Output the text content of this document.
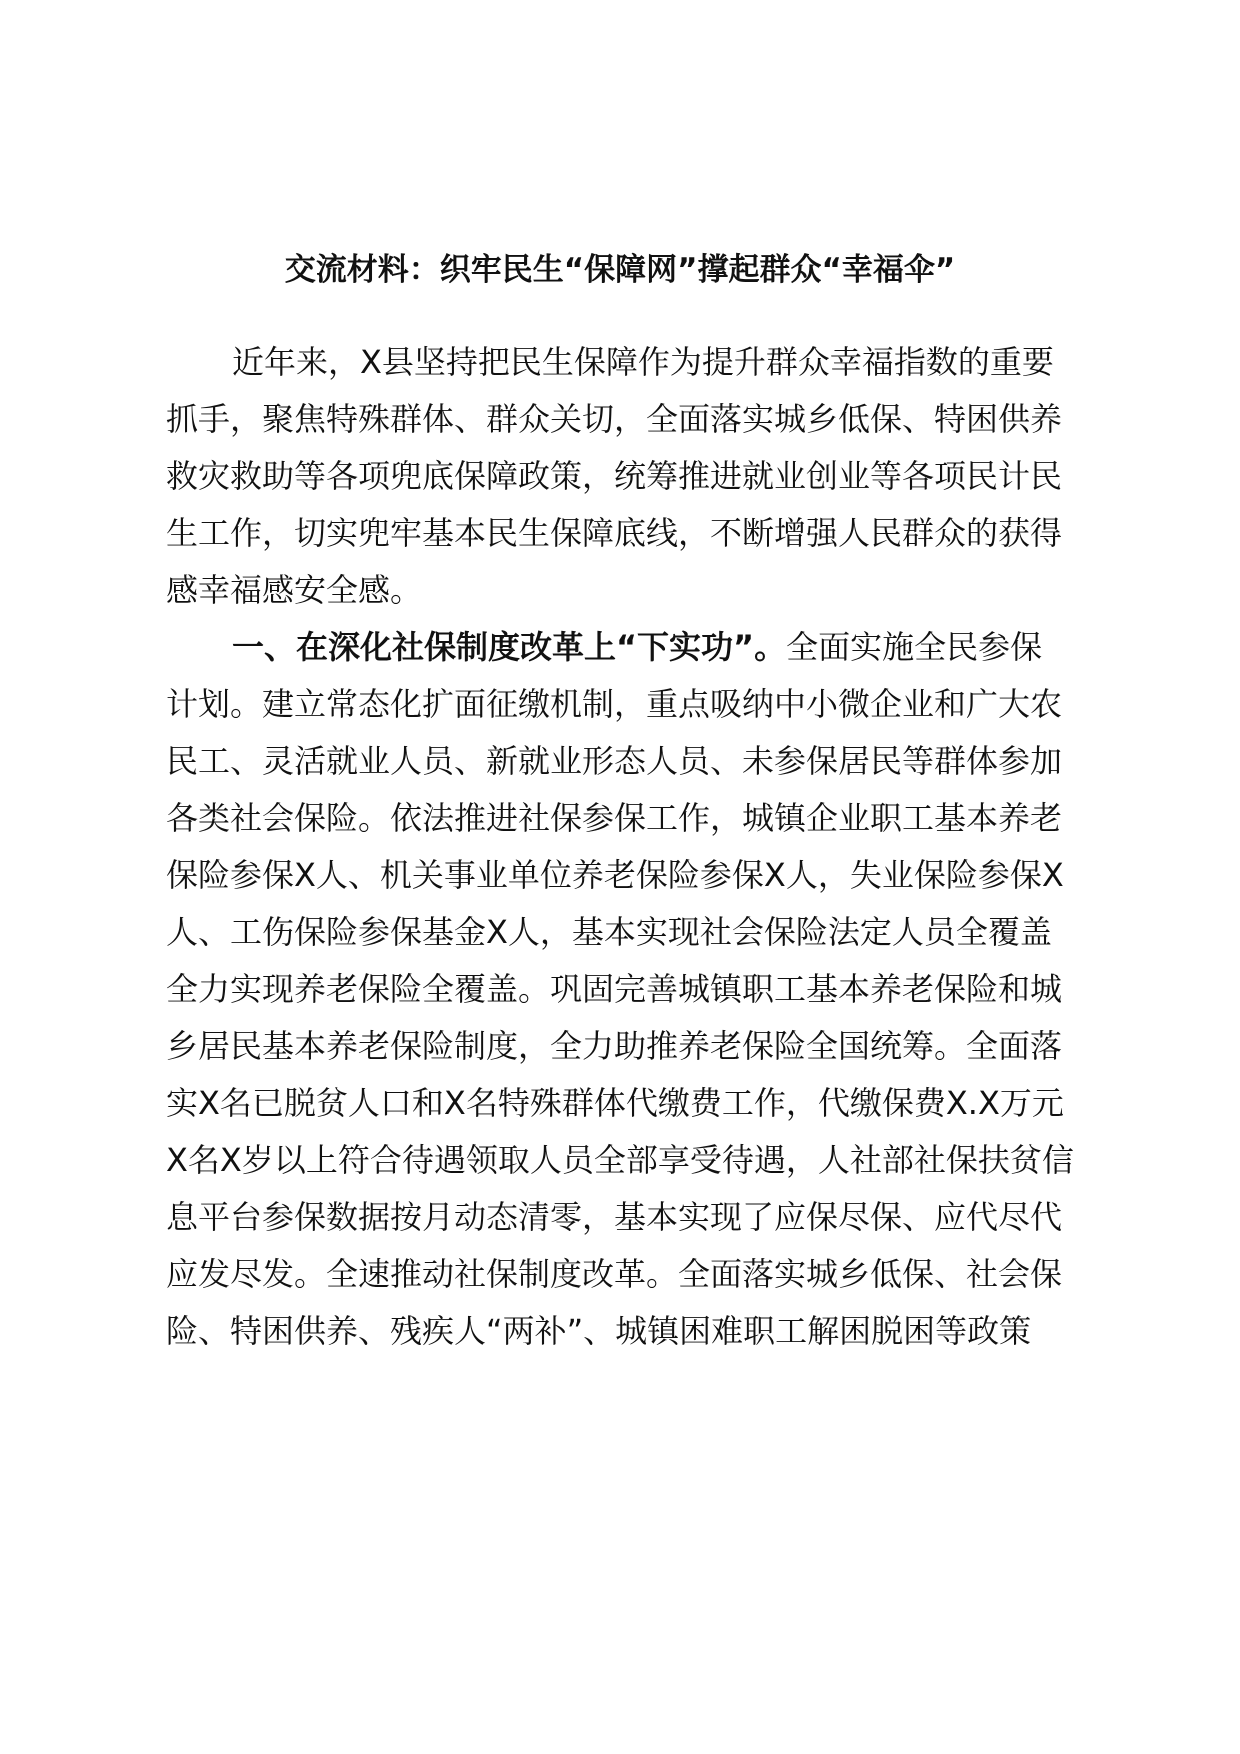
交流材料：织牢民生“保障网”撑起群众“幸福伞”

近年来，X县坚持把民生保障作为提升群众幸福指数的重要

抓手，聚焦特殊群体、群众关切，全面落实城乡低保、特困供养

救灾救助等各项兜底保障政策，统筹推进就业创业等各项民计民

生工作，切实兜牢基本民生保障底线，不断增强人民群众的获得

感幸福感安全感。

一、在深化社保制度改革上“下实功”。全面实施全民参保

计划。建立常态化扩面征缴机制，重点吸纳中小微企业和广大农

民工、灵活就业人员、新就业形态人员、未参保居民等群体参加

各类社会保险。依法推进社保参保工作，城镇企业职工基本养老

保险参保X人、机关事业单位养老保险参保X人，失业保险参保X

人、工伤保险参保基金X人，基本实现社会保险法定人员全覆盖

全力实现养老保险全覆盖。巩固完善城镇职工基本养老保险和城

乡居民基本养老保险制度，全力助推养老保险全国统筹。全面落

实X名已脱贫人口和X名特殊群体代缴费工作，代缴保费X.X万元

X名X岁以上符合待遇领取人员全部享受待遇，人社部社保扶贫信

息平台参保数据按月动态清零，基本实现了应保尽保、应代尽代

应发尽发。全速推动社保制度改革。全面落实城乡低保、社会保

险、特困供养、残疾人“两补”、城镇困难职工解困脱困等政策
